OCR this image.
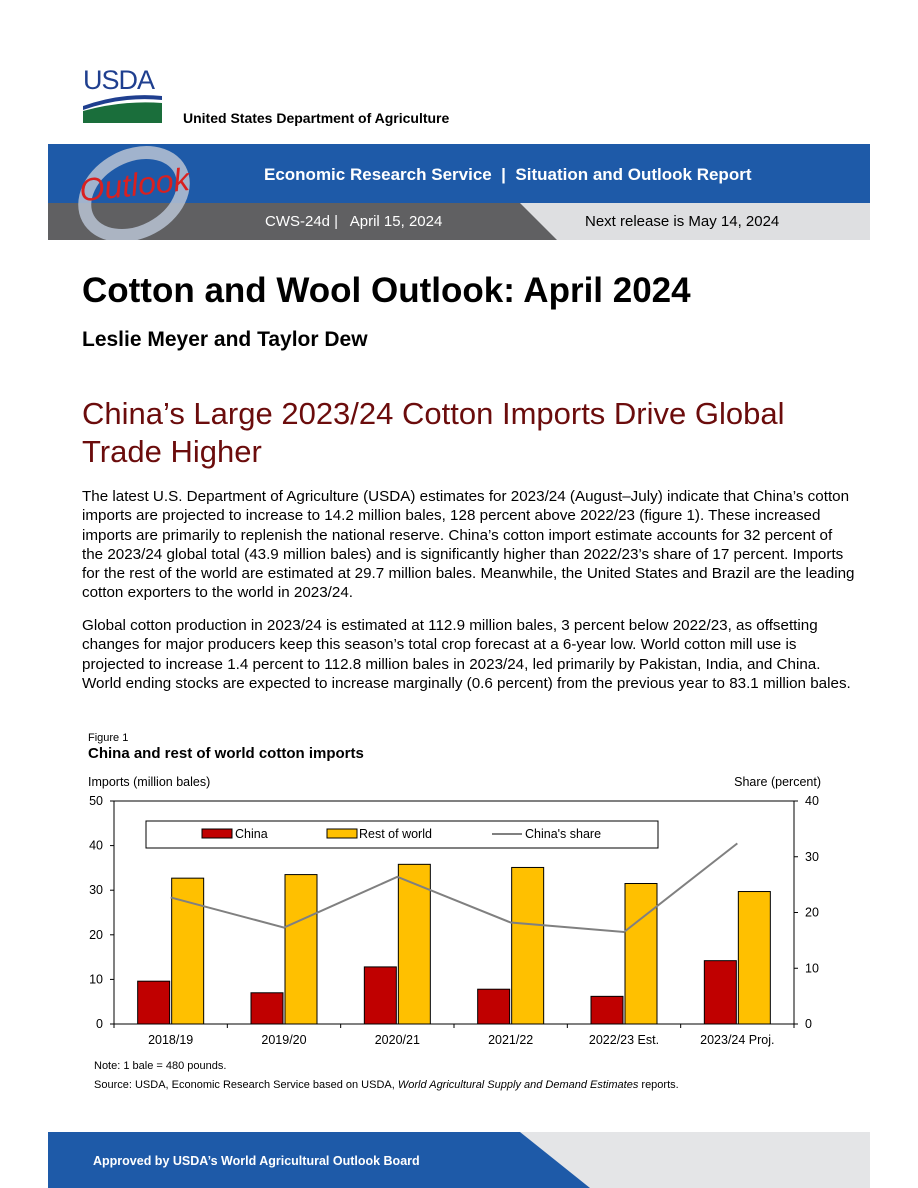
USDA
United States Department of Agriculture
Outlook	Economic Research Service  |  Situation and Outlook Report
CWS-24d |   April 15, 2024	Next release is May 14, 2024
Cotton and Wool Outlook: April 2024
Leslie Meyer and Taylor Dew
China’s Large 2023/24 Cotton Imports Drive Global Trade Higher
The latest U.S. Department of Agriculture (USDA) estimates for 2023/24 (August–July) indicate that China’s cotton imports are projected to increase to 14.2 million bales, 128 percent above 2022/23 (figure 1). These increased imports are primarily to replenish the national reserve. China’s cotton import estimate accounts for 32 percent of the 2023/24 global total (43.9 million bales) and is significantly higher than 2022/23’s share of 17 percent. Imports for the rest of the world are estimated at 29.7 million bales. Meanwhile, the United States and Brazil are the leading cotton exporters to the world in 2023/24.
Global cotton production in 2023/24 is estimated at 112.9 million bales, 3 percent below 2022/23, as offsetting changes for major producers keep this season’s total crop forecast at a 6-year low. World cotton mill use is projected to increase 1.4 percent to 112.8 million bales in 2023/24, led primarily by Pakistan, India, and China. World ending stocks are expected to increase marginally (0.6 percent) from the previous year to 83.1 million bales.
Figure 1
China and rest of world cotton imports
Imports (million bales)	Share (percent)
0
10
20
30
40
50
0
10
20
30
40
2018/19	2019/20	2020/21	2021/22	2022/23 Est.	2023/24 Proj.
China	Rest of world	China's share
Note: 1 bale = 480 pounds.
Source: USDA, Economic Research Service based on USDA, World Agricultural Supply and Demand Estimates reports.
Approved by USDA’s World Agricultural Outlook Board
